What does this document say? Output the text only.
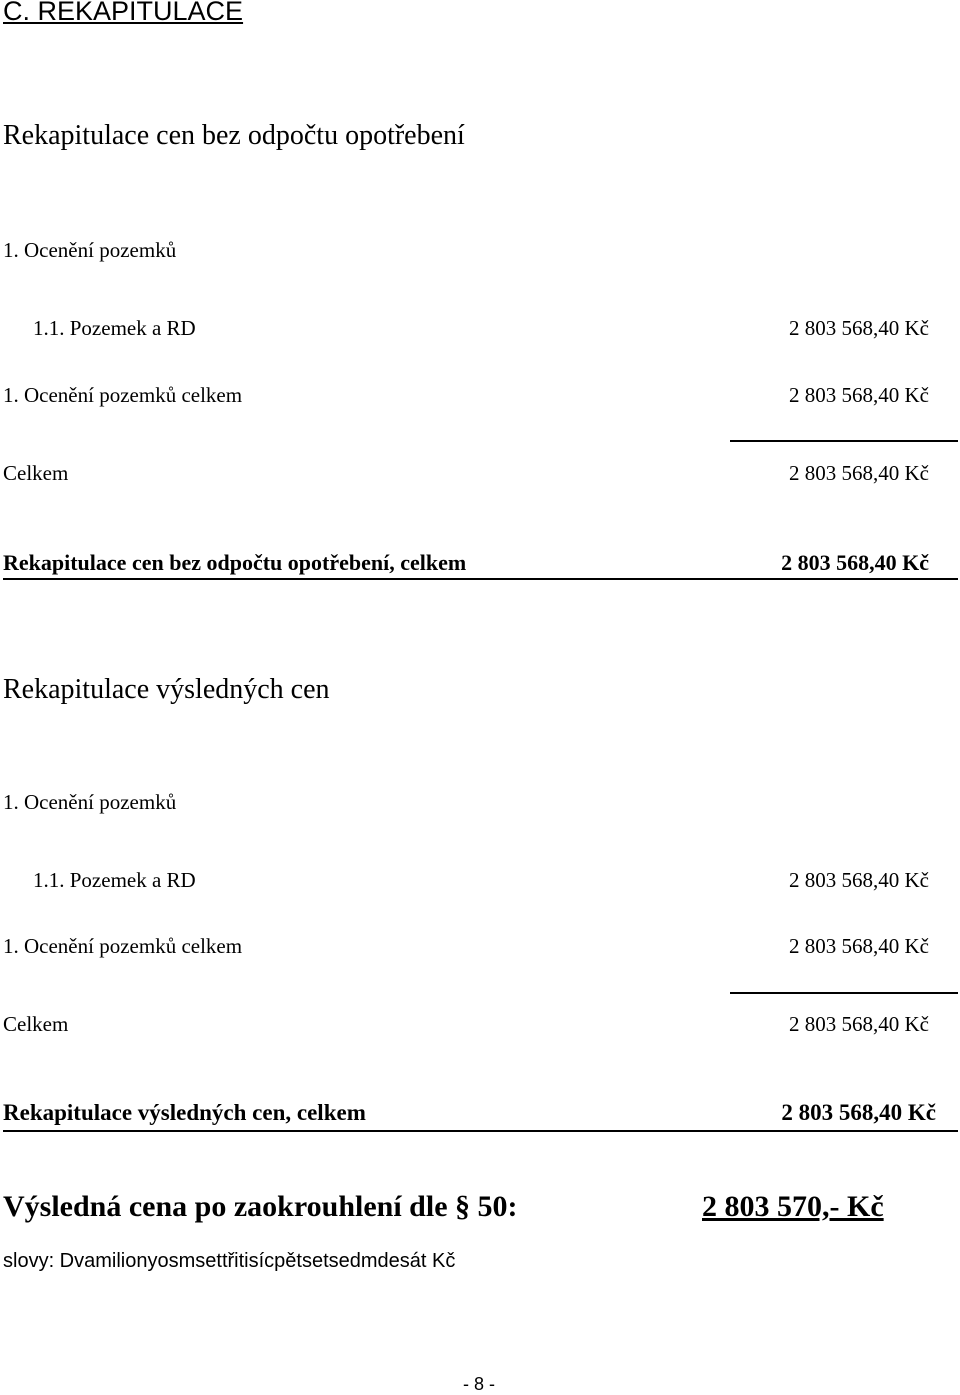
C. REKAPITULACE
Rekapitulace cen bez odpočtu opotřebení
1. Ocenění pozemků
1.1. Pozemek a RD	2 803 568,40 Kč
1. Ocenění pozemků celkem	2 803 568,40 Kč
Celkem	2 803 568,40 Kč
Rekapitulace cen bez odpočtu opotřebení, celkem	2 803 568,40 Kč
Rekapitulace výsledných cen
1. Ocenění pozemků
1.1. Pozemek a RD	2 803 568,40 Kč
1. Ocenění pozemků celkem	2 803 568,40 Kč
Celkem	2 803 568,40 Kč
Rekapitulace výsledných cen, celkem	2 803 568,40 Kč
Výsledná cena po zaokrouhlení dle § 50:	2 803 570,- Kč
slovy: Dvamilionyosmsettřitisícpětsetsedmdesát Kč
- 8 -
